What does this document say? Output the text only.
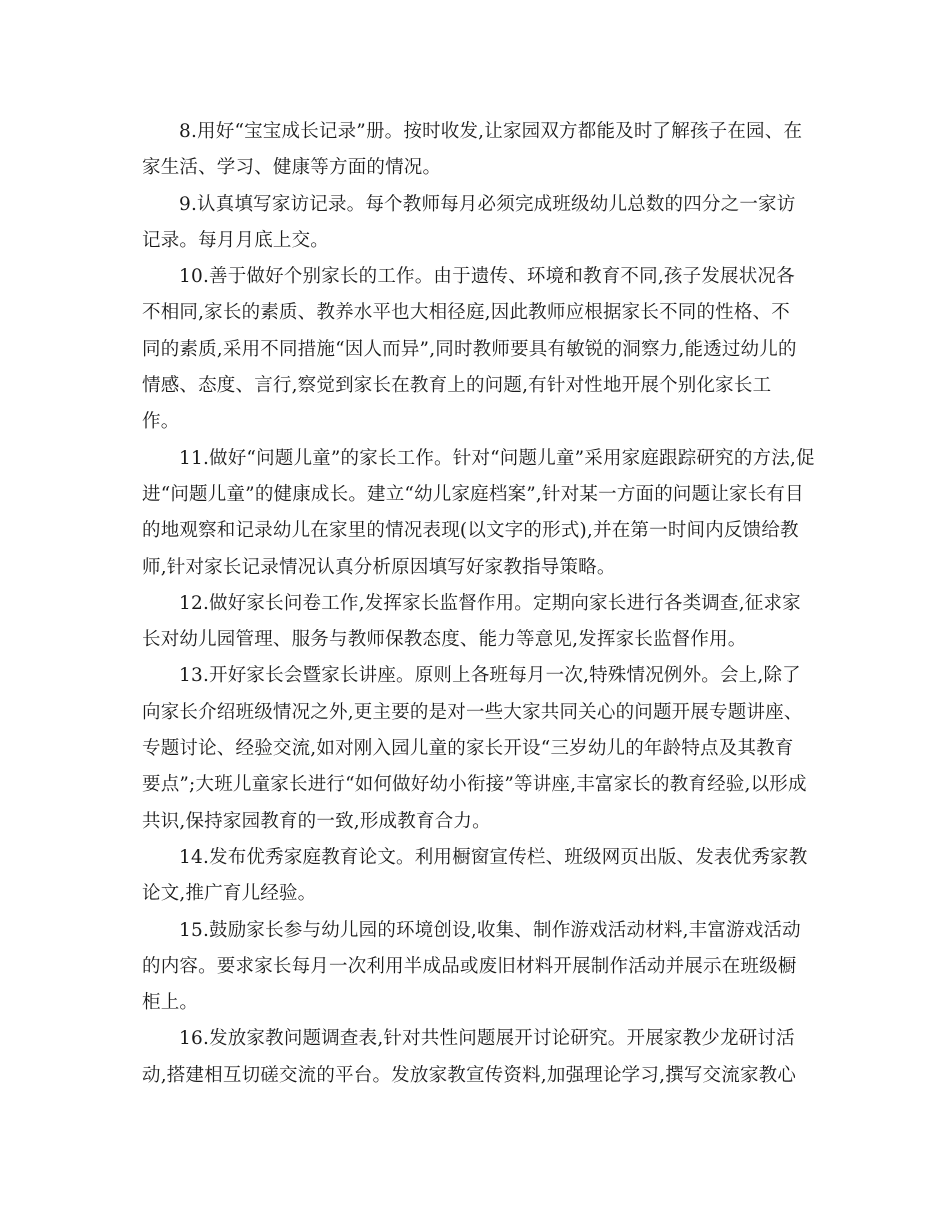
8.用好“宝宝成长记录”册。按时收发,让家园双方都能及时了解孩子在园、在
家生活、学习、健康等方面的情况。

9.认真填写家访记录。每个教师每月必须完成班级幼儿总数的四分之一家访
记录。每月月底上交。

10.善于做好个别家长的工作。由于遗传、环境和教育不同,孩子发展状况各
不相同,家长的素质、教养水平也大相径庭,因此教师应根据家长不同的性格、不
同的素质,采用不同措施“因人而异”,同时教师要具有敏锐的洞察力,能透过幼儿的
情感、态度、言行,察觉到家长在教育上的问题,有针对性地开展个别化家长工
作。

11.做好“问题儿童”的家长工作。针对“问题儿童”采用家庭跟踪研究的方法,促
进“问题儿童”的健康成长。建立“幼儿家庭档案”,针对某一方面的问题让家长有目
的地观察和记录幼儿在家里的情况表现(以文字的形式),并在第一时间内反馈给教
师,针对家长记录情况认真分析原因填写好家教指导策略。

12.做好家长问卷工作,发挥家长监督作用。定期向家长进行各类调查,征求家
长对幼儿园管理、服务与教师保教态度、能力等意见,发挥家长监督作用。

13.开好家长会暨家长讲座。原则上各班每月一次,特殊情况例外。会上,除了
向家长介绍班级情况之外,更主要的是对一些大家共同关心的问题开展专题讲座、
专题讨论、经验交流,如对刚入园儿童的家长开设“三岁幼儿的年龄特点及其教育
要点”;大班儿童家长进行“如何做好幼小衔接”等讲座,丰富家长的教育经验,以形成
共识,保持家园教育的一致,形成教育合力。

14.发布优秀家庭教育论文。利用橱窗宣传栏、班级网页出版、发表优秀家教
论文,推广育儿经验。

15.鼓励家长参与幼儿园的环境创设,收集、制作游戏活动材料,丰富游戏活动
的内容。要求家长每月一次利用半成品或废旧材料开展制作活动并展示在班级橱
柜上。

16.发放家教问题调查表,针对共性问题展开讨论研究。开展家教少龙研讨活
动,搭建相互切磋交流的平台。发放家教宣传资料,加强理论学习,撰写交流家教心
